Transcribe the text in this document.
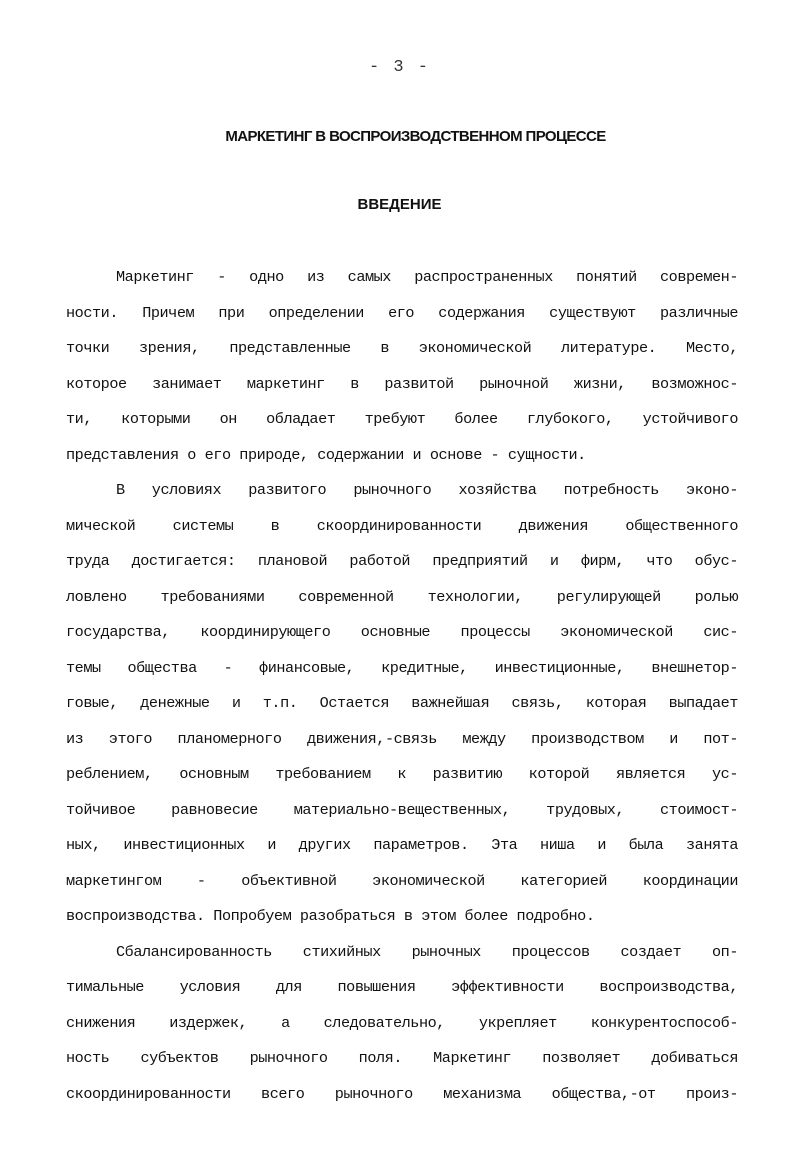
- 3 -
МАРКЕТИНГ В ВОСПРОИЗВОДСТВЕННОМ ПРОЦЕССЕ
ВВЕДЕНИЕ
Маркетинг - одно из самых распространенных понятий современ-
ности. Причем при определении его содержания существуют различные
точки зрения, представленные в экономической литературе. Место,
которое занимает маркетинг в развитой рыночной жизни, возможнос-
ти, которыми он обладает требуют более глубокого, устойчивого
представления о его природе, содержании и основе - сущности.
В условиях развитого рыночного хозяйства потребность эконо-
мической системы в скоординированности движения общественного
труда достигается: плановой работой предприятий и фирм, что обус-
ловлено требованиями современной технологии, регулирующей ролью
государства, координирующего основные процессы экономической сис-
темы общества - финансовые, кредитные, инвестиционные, внешнетор-
говые, денежные и т.п. Остается важнейшая связь, которая выпадает
из этого планомерного движения,-связь между производством и пот-
реблением, основным требованием к развитию которой является ус-
тойчивое равновесие материально-вещественных, трудовых, стоимост-
ных, инвестиционных и других параметров. Эта ниша и была занята
маркетингом - объективной экономической категорией координации
воспроизводства. Попробуем разобраться в этом более подробно.
Сбалансированность стихийных рыночных процессов создает оп-
тимальные условия для повышения эффективности воспроизводства,
снижения издержек, а следовательно, укрепляет конкурентоспособ-
ность субъектов рыночного поля. Маркетинг позволяет добиваться
скоординированности всего рыночного механизма общества,-от произ-
